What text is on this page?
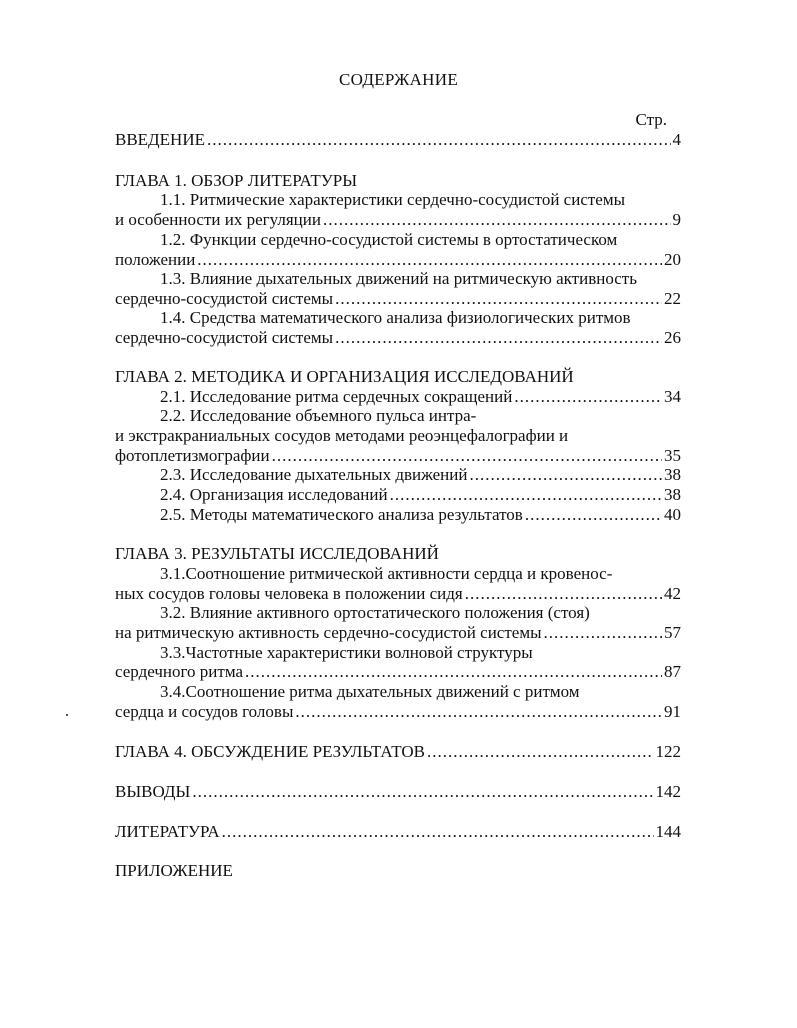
СОДЕРЖАНИЕ
Стр.
ВВЕДЕНИЕ .....	4
ГЛАВА 1. ОБЗОР ЛИТЕРАТУРЫ
1.1. Ритмические характеристики сердечно-сосудистой системы
и особенности их регуляции .....	9
1.2. Функции сердечно-сосудистой системы в ортостатическом
положении .....	20
1.3. Влияние дыхательных движений на ритмическую активность
сердечно-сосудистой системы .....	22
1.4. Средства математического анализа физиологических ритмов
сердечно-сосудистой системы .....	26
ГЛАВА 2. МЕТОДИКА И ОРГАНИЗАЦИЯ ИССЛЕДОВАНИЙ
2.1. Исследование ритма сердечных сокращений .....	34
2.2. Исследование объемного пульса интра-
и экстракраниальных сосудов методами реоэнцефалографии и
фотоплетизмографии .....	35
2.3. Исследование дыхательных движений .....	38
2.4. Организация исследований .....	38
2.5. Методы математического анализа результатов .....	40
ГЛАВА 3. РЕЗУЛЬТАТЫ ИССЛЕДОВАНИЙ
3.1.Соотношение ритмической активности сердца и кровенос-
ных сосудов головы человека в положении сидя .....	42
3.2. Влияние активного ортостатического положения (стоя)
на ритмическую активность сердечно-сосудистой системы .....	57
3.3.Частотные характеристики волновой структуры
сердечного ритма .....	87
3.4.Соотношение ритма дыхательных движений с ритмом
сердца и сосудов головы .....	91
ГЛАВА 4. ОБСУЖДЕНИЕ РЕЗУЛЬТАТОВ .....	122
ВЫВОДЫ .....	142
ЛИТЕРАТУРА .....	144
ПРИЛОЖЕНИЕ
